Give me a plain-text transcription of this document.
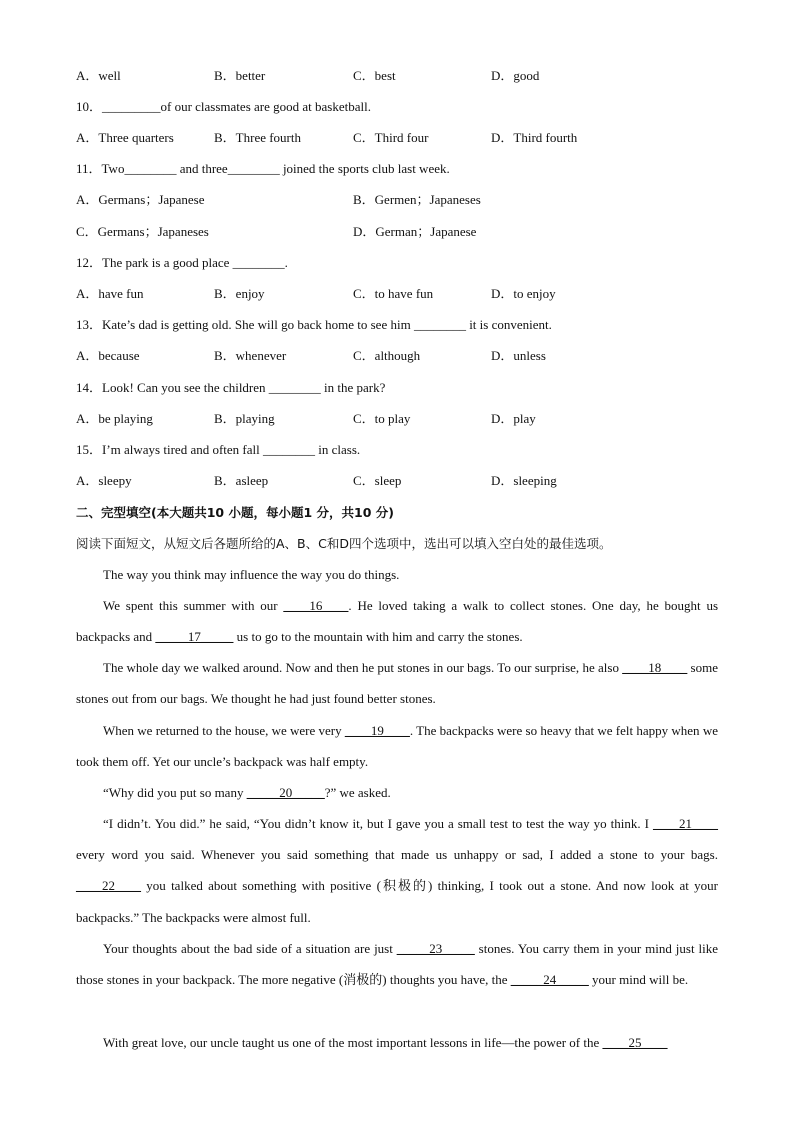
A．well	B．better	C．best	D．good
10．_________of our classmates are good at basketball.
A．Three quarters	B．Three fourth	C．Third four	D．Third fourth
11．Two________ and three________ joined the sports club last week.
A．Germans；Japanese	B．Germen；Japaneses
C．Germans；Japaneses	D．German；Japanese
12．The park is a good place ________.
A．have fun	B．enjoy	C．to have fun	D．to enjoy
13．Kate’s dad is getting old. She will go back home to see him ________ it is convenient.
A．because	B．whenever	C．although	D．unless
14．Look! Can you see the children ________ in the park?
A．be playing	B．playing	C．to play	D．play
15．I’m always tired and often fall ________ in class.
A．sleepy	B．asleep	C．sleep	D．sleeping
二、完型填空(本大题共10 小题，每小题1 分，共10 分)
阅读下面短文，从短文后各题所给的A、B、C和D四个选项中，选出可以填入空白处的最佳选项。
The way you think may influence the way you do things.
We spent this summer with our ____16____. He loved taking a walk to collect stones. One day, he bought us backpacks and _____17_____ us to go to the mountain with him and carry the stones.
The whole day we walked around. Now and then he put stones in our bags. To our surprise, he also ____18____ some stones out from our bags. We thought he had just found better stones.
When we returned to the house, we were very ____19____. The backpacks were so heavy that we felt happy when we took them off. Yet our uncle’s backpack was half empty.
“Why did you put so many _____20_____?” we asked.
“I didn’t. You did.” he said, “You didn’t know it, but I gave you a small test to test the way yo think. I ____21____ every word you said. Whenever you said something that made us unhappy or sad, I added a stone to your bags. ____22____ you talked about something with positive (积极的) thinking, I took out a stone. And now look at your backpacks.” The backpacks were almost full.
Your thoughts about the bad side of a situation are just _____23_____ stones. You carry them in your mind just like those stones in your backpack. The more negative (消极的) thoughts you have, the _____24_____ your mind will be.
With great love, our uncle taught us one of the most important lessons in life—the power of the ____25____
